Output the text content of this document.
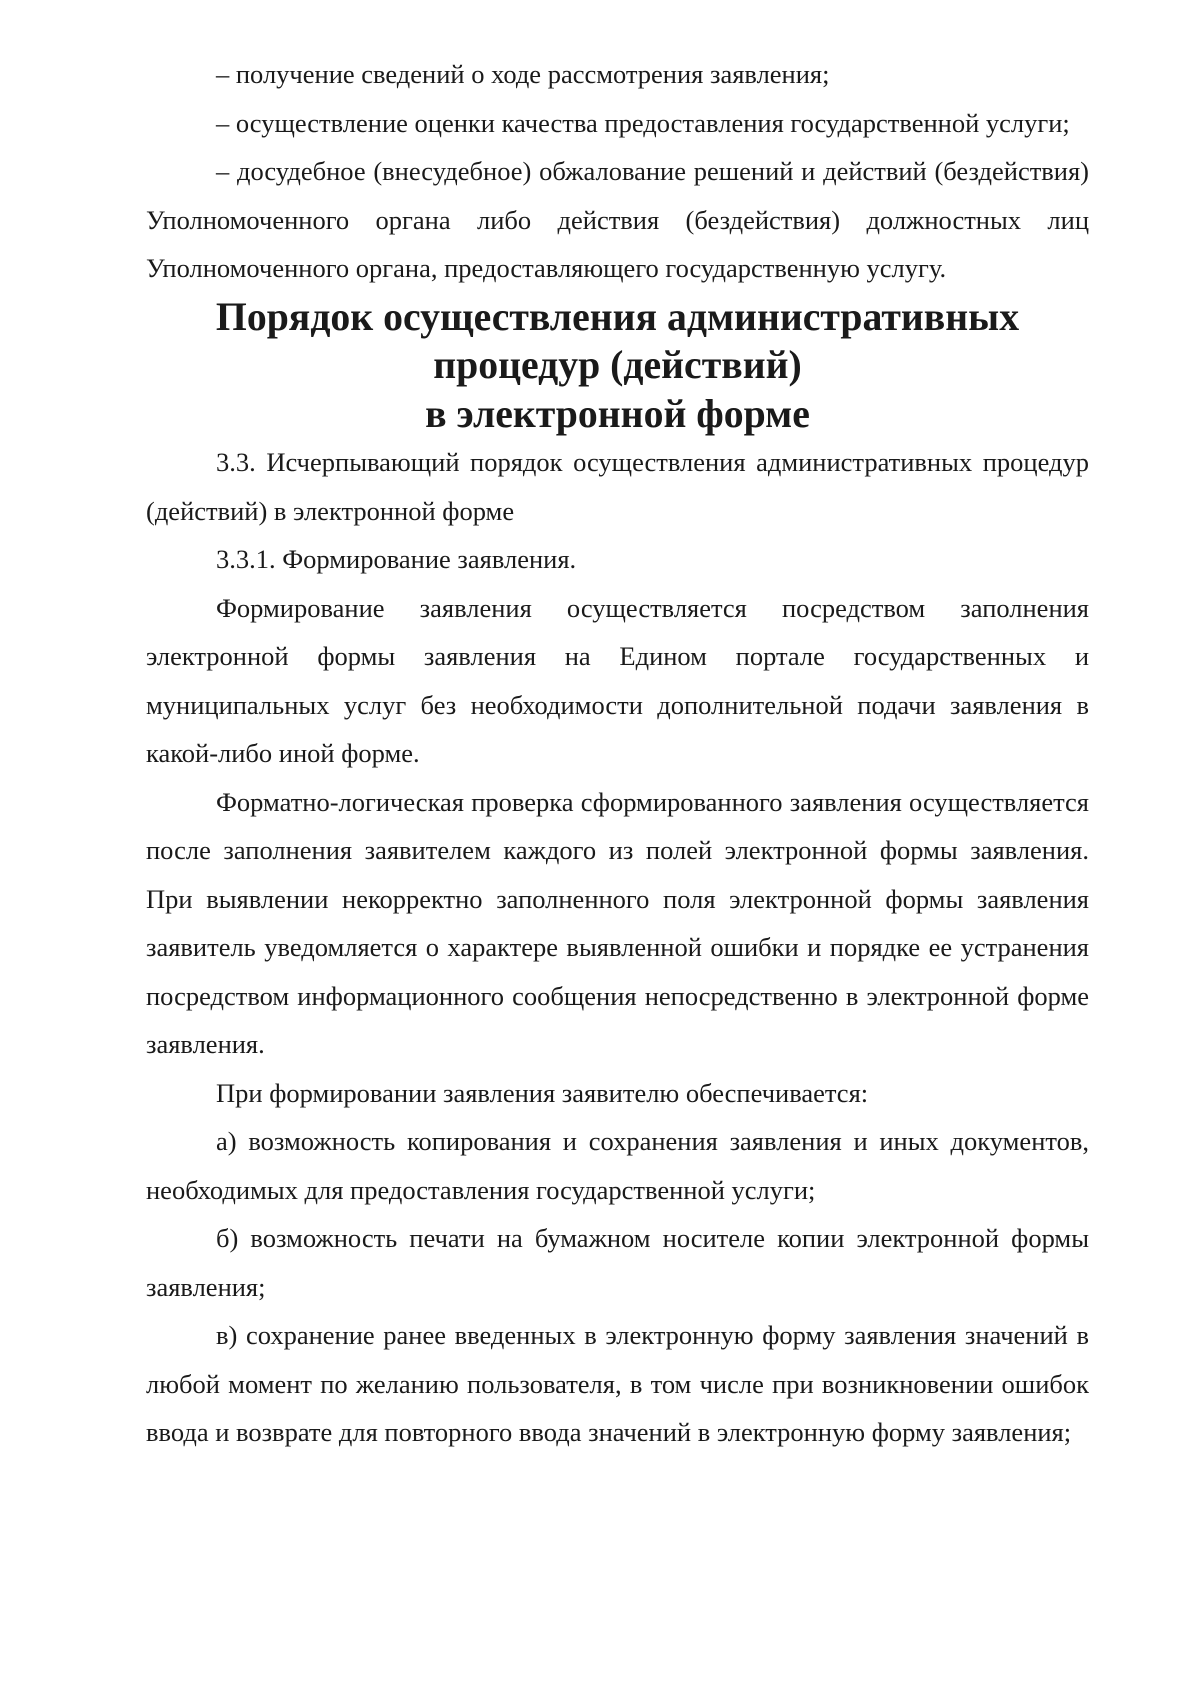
– получение сведений о ходе рассмотрения заявления;

– осуществление оценки качества предоставления государственной услуги;

– досудебное (внесудебное) обжалование решений и действий (бездействия) Уполномоченного органа либо действия (бездействия) должностных лиц Уполномоченного органа, предоставляющего государственную услугу.

Порядок осуществления административных процедур (действий)
в электронной форме

3.3. Исчерпывающий порядок осуществления административных процедур (действий) в электронной форме

3.3.1. Формирование заявления.

Формирование заявления осуществляется посредством заполнения электронной формы заявления на Едином портале государственных и муниципальных услуг без необходимости дополнительной подачи заявления в какой-либо иной форме.

Форматно-логическая проверка сформированного заявления осуществляется после заполнения заявителем каждого из полей электронной формы заявления. При выявлении некорректно заполненного поля электронной формы заявления заявитель уведомляется о характере выявленной ошибки и порядке ее устранения посредством информационного сообщения непосредственно в электронной форме заявления.

При формировании заявления заявителю обеспечивается:

а) возможность копирования и сохранения заявления и иных документов, необходимых для предоставления государственной услуги;

б) возможность печати на бумажном носителе копии электронной формы заявления;

в) сохранение ранее введенных в электронную форму заявления значений в любой момент по желанию пользователя, в том числе при возникновении ошибок ввода и возврате для повторного ввода значений в электронную форму заявления;
